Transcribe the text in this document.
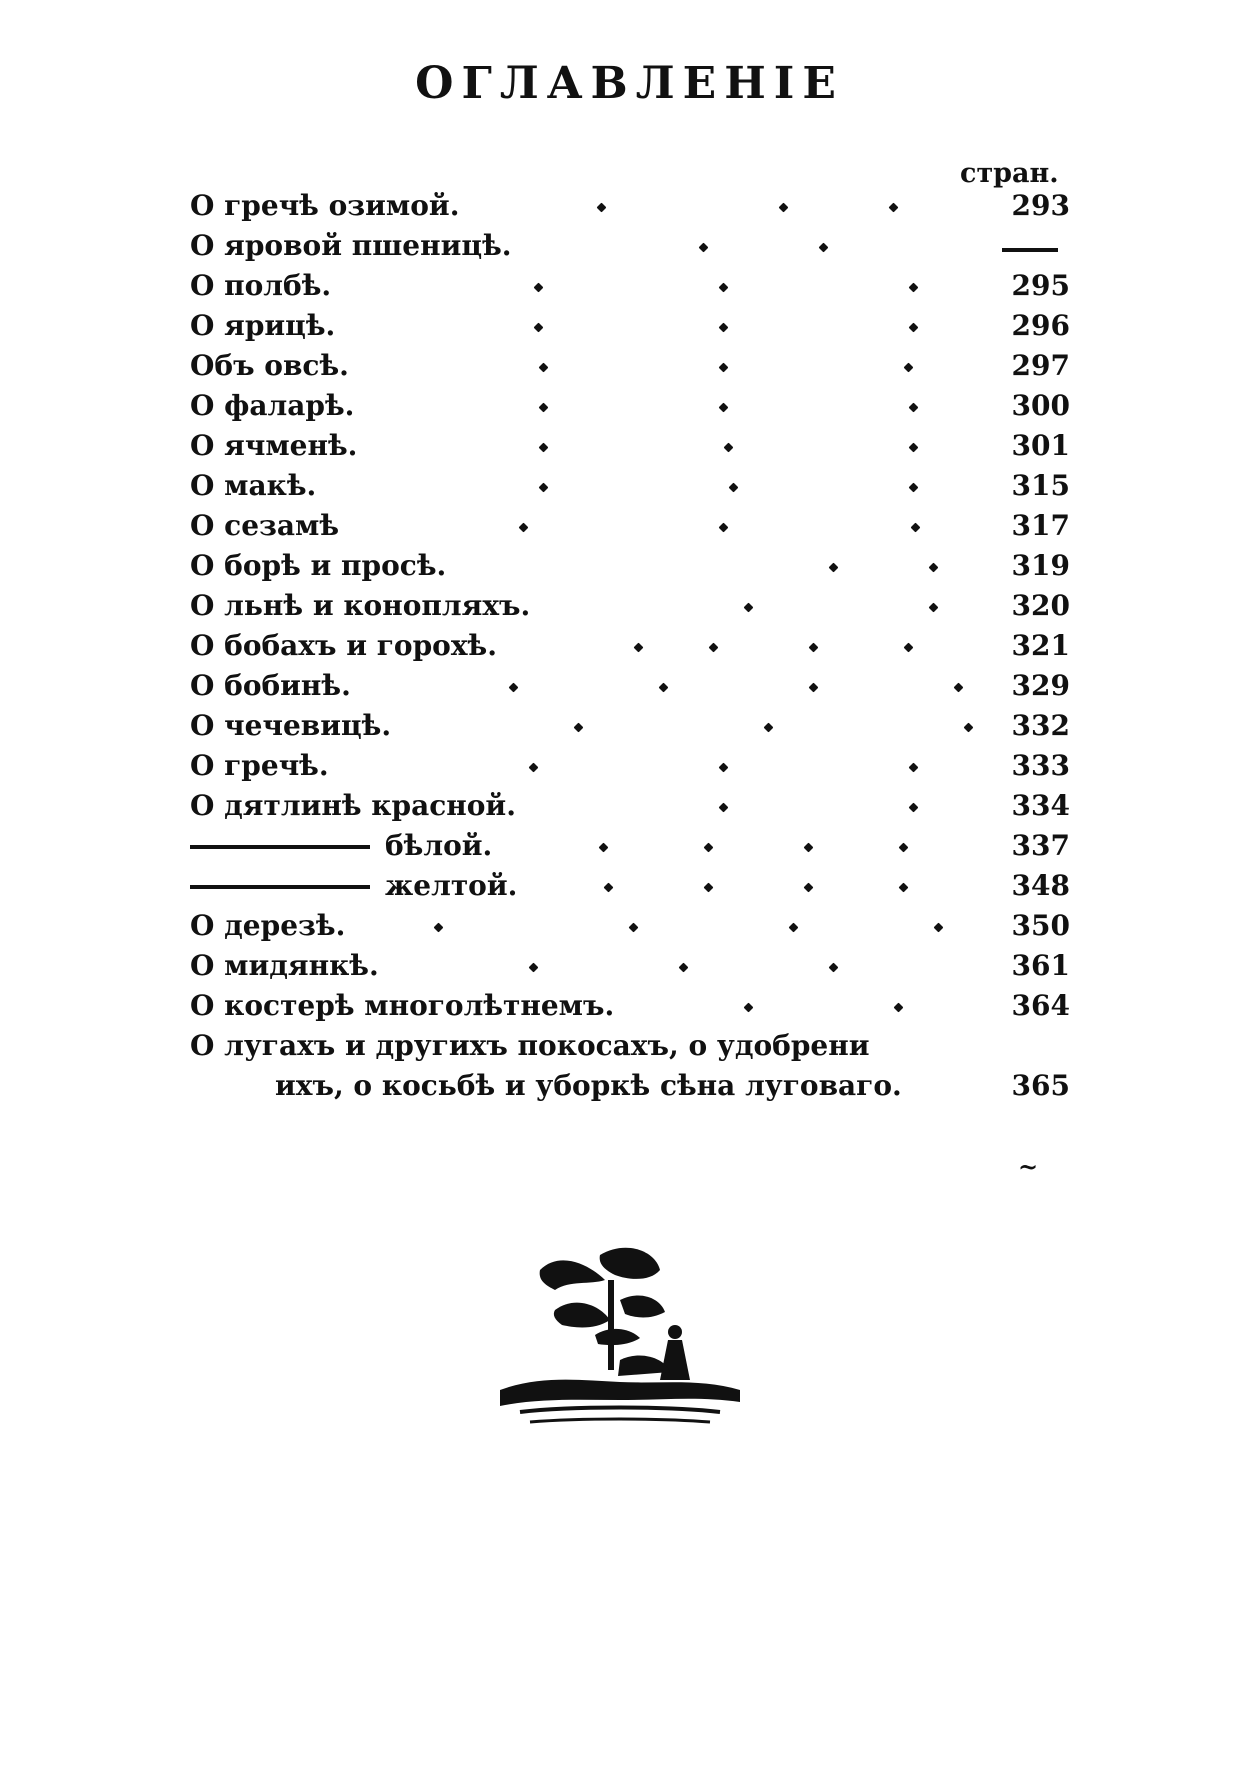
ОГЛАВЛЕНІЕ
стран.
О гречѣ озимой.	293
О яровой пшеницѣ.
О полбѣ.	295
О ярицѣ.	296
Объ овсѣ.	297
О фаларѣ.	300
О ячменѣ.	301
О макѣ.	315
О сезамѣ	317
О борѣ и просѣ.	319
О льнѣ и конопляхъ.	320
О бобахъ и горохѣ.	321
О бобинѣ.	329
О чечевицѣ.	332
О гречѣ.	333
О дятлинѣ красной.	334
бѣлой.	337
желтой.	348
О дерезѣ.	350
О мидянкѣ.	361
О костерѣ многолѣтнемъ.	364
О лугахъ и другихъ покосахъ, о удобрени
ихъ, о косьбѣ и уборкѣ сѣна луговаго.	365
~
